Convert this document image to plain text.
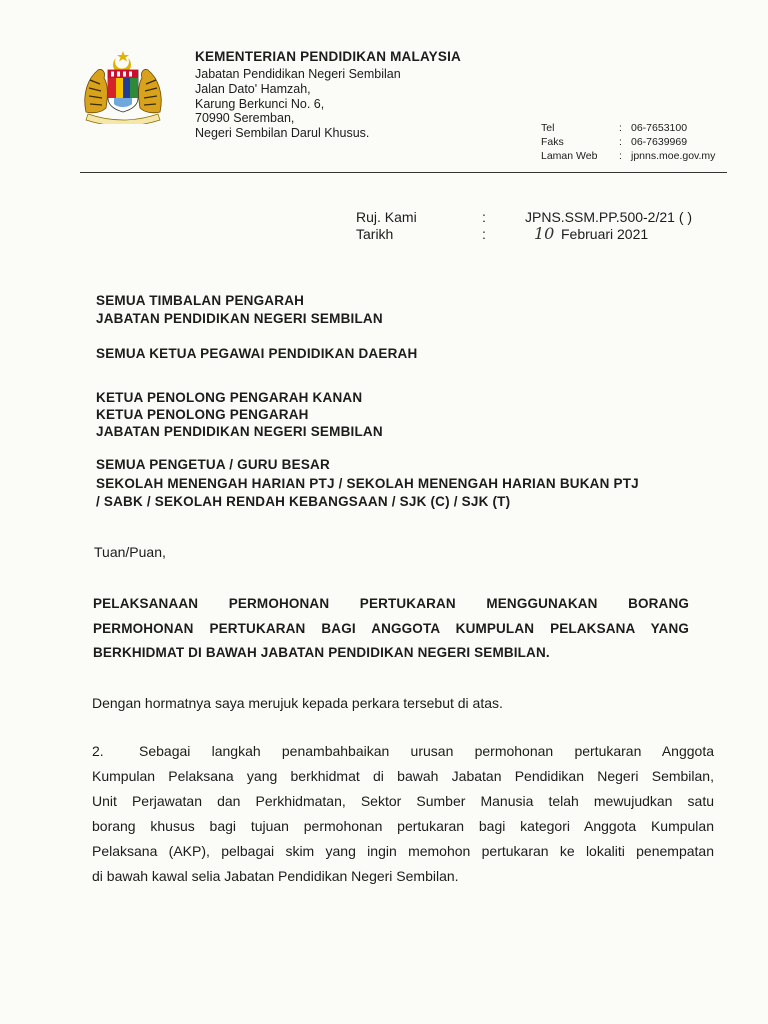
KEMENTERIAN PENDIDIKAN MALAYSIA
Jabatan Pendidikan Negeri Sembilan
Jalan Dato' Hamzah,
Karung Berkunci No. 6,
70990 Seremban,
Negeri Sembilan Darul Khusus.	Tel	: 06-7653100
Faks	: 06-7639969
Laman Web : jpnns.moe.gov.my
Ruj. Kami	:	JPNS.SSM.PP.500-2/21 ( )
Tarikh	:	10 Februari 2021
SEMUA TIMBALAN PENGARAH
JABATAN PENDIDIKAN NEGERI SEMBILAN
SEMUA KETUA PEGAWAI PENDIDIKAN DAERAH
KETUA PENOLONG PENGARAH KANAN
KETUA PENOLONG PENGARAH
JABATAN PENDIDIKAN NEGERI SEMBILAN
SEMUA PENGETUA / GURU BESAR
SEKOLAH MENENGAH HARIAN PTJ / SEKOLAH MENENGAH HARIAN BUKAN PTJ
/ SABK / SEKOLAH RENDAH KEBANGSAAN / SJK (C) / SJK (T)
Tuan/Puan,
PELAKSANAAN PERMOHONAN PERTUKARAN MENGGUNAKAN BORANG
PERMOHONAN PERTUKARAN BAGI ANGGOTA KUMPULAN PELAKSANA YANG
BERKHIDMAT DI BAWAH JABATAN PENDIDIKAN NEGERI SEMBILAN.
Dengan hormatnya saya merujuk kepada perkara tersebut di atas.
2.	Sebagai langkah penambahbaikan urusan permohonan pertukaran Anggota
Kumpulan Pelaksana yang berkhidmat di bawah Jabatan Pendidikan Negeri Sembilan,
Unit Perjawatan dan Perkhidmatan, Sektor Sumber Manusia telah mewujudkan satu
borang khusus bagi tujuan permohonan pertukaran bagi kategori Anggota Kumpulan
Pelaksana (AKP), pelbagai skim yang ingin memohon pertukaran ke lokaliti penempatan
di bawah kawal selia Jabatan Pendidikan Negeri Sembilan.
